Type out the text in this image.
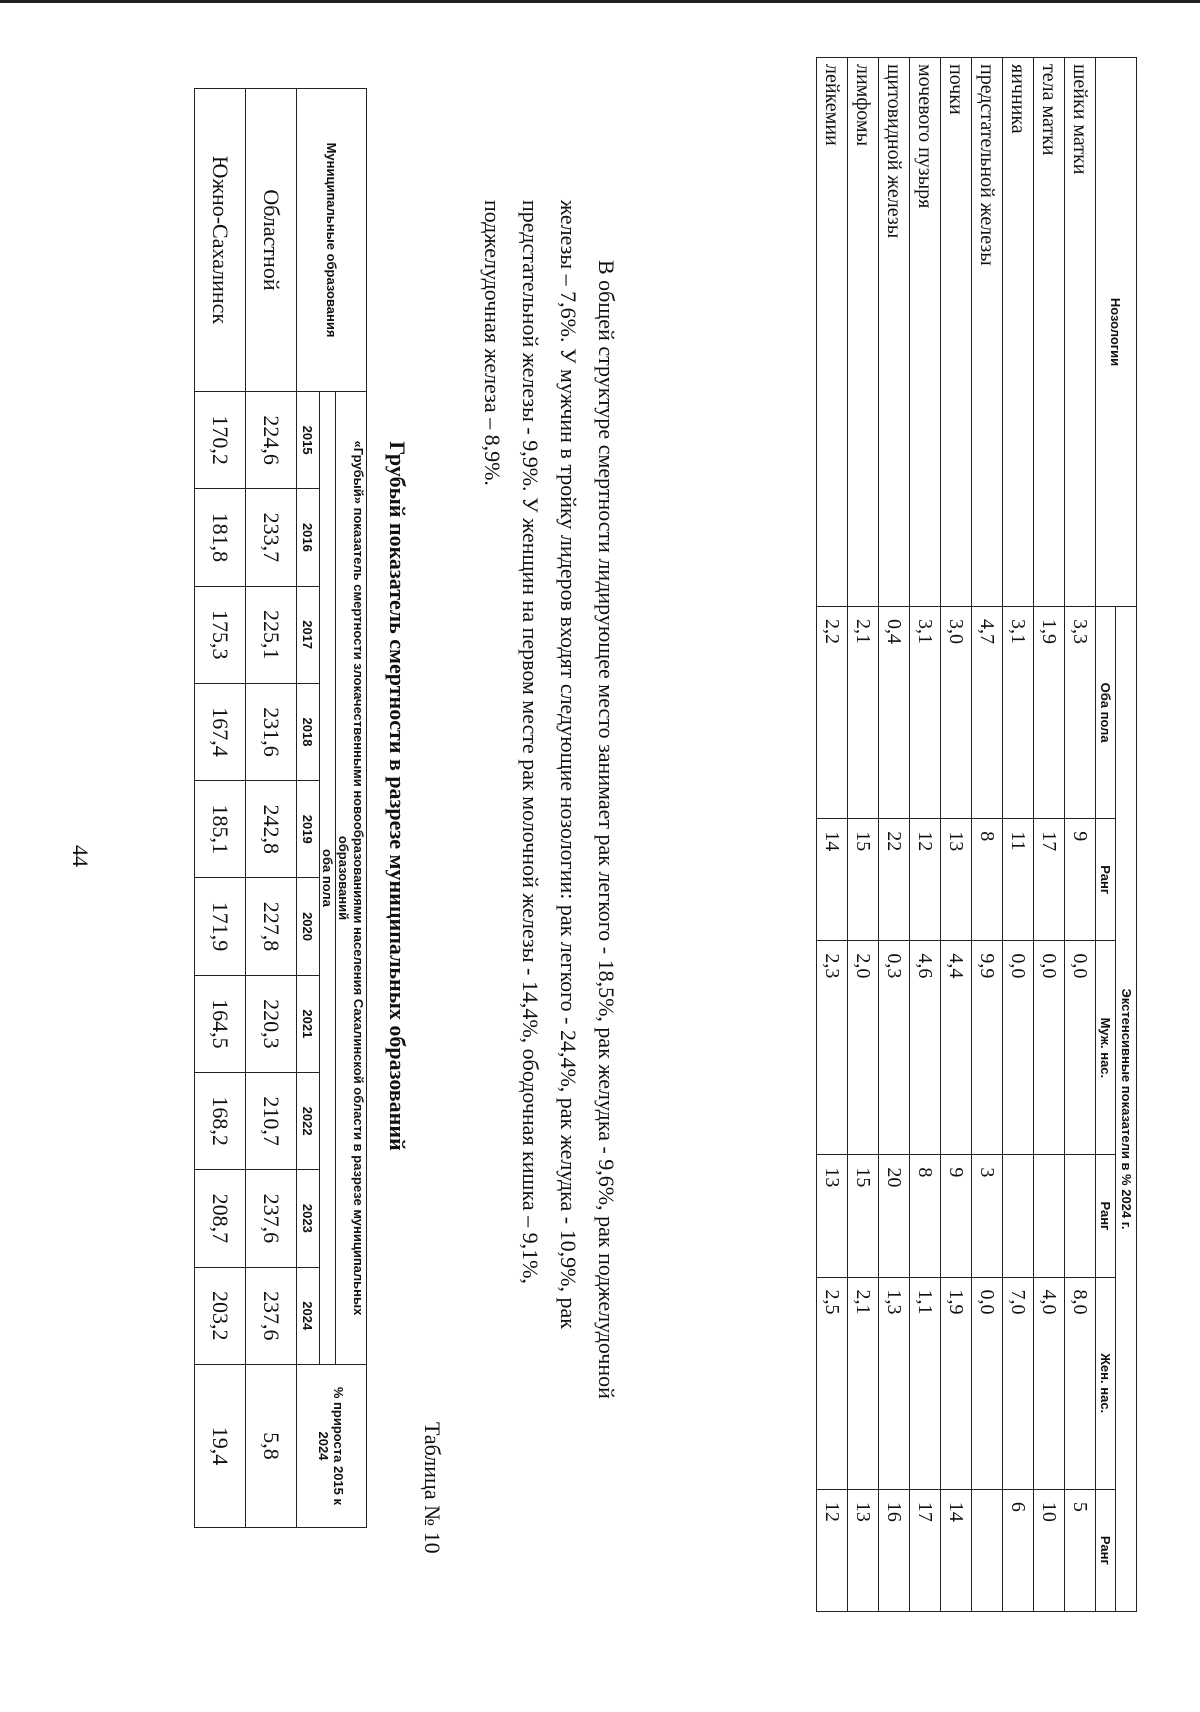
44
Нозологии	Экстенсивные показатели в % 2024 г.					
	Оба пола	Ранг	Муж. нас.	Ранг	Жен. нас.	Ранг
шейки матки	3,3	9	0,0		8,0	5
тела матки	1,9	17	0,0		4,0	10
яичника	3,1	11	0,0		7,0	6
предстательной железы	4,7	8	9,9	3	0,0	
почки	3,0	13	4,4	9	1,9	14
мочевого пузыря	3,1	12	4,6	8	1,1	17
щитовидной железы	0,4	22	0,3	20	1,3	16
лимфомы	2,1	15	2,0	15	2,1	13
лейкемии	2,2	14	2,3	13	2,5	12

В общей структуре смертности лидирующее место занимает рак легкого - 18,5%, рак желудка - 9,6%, рак поджелудочной железы – 7,6%. У мужчин в тройку лидеров входят следующие нозологии: рак легкого - 24,4%, рак желудка - 10,9%, рак предстательной железы - 9,9%. У женщин на первом месте рак молочной железы - 14,4%, ободочная кишка – 9,1%, поджелудочная железа – 8,9%.

Таблица № 10
Грубый показатель смертности в разрезе муниципальных образований
Муниципальные образования	«Грубый» показатель смертности злокачественными новообразованиями населения Сахалинской области в разрезе муниципальных образований										% прироста 2015 к 2024
	оба пола										
	2015	2016	2017	2018	2019	2020	2021	2022	2023	2024	
Областной	224,6	233,7	225,1	231,6	242,8	227,8	220,3	210,7	237,6	237,6	5,8
Южно-Сахалинск	170,2	181,8	175,3	167,4	185,1	171,9	164,5	168,2	208,7	203,2	19,4
